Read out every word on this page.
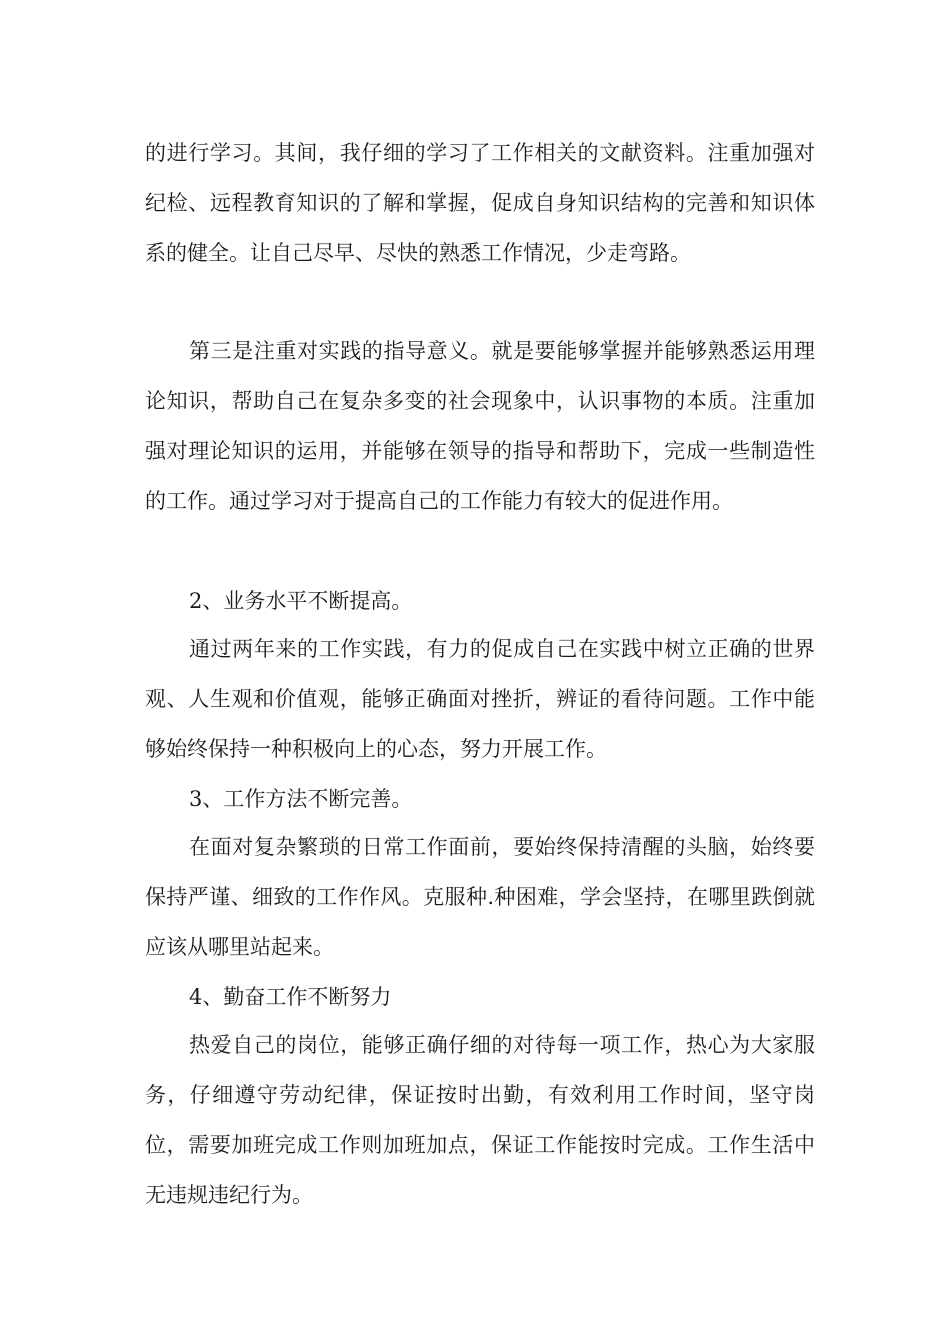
的进行学习。其间，我仔细的学习了工作相关的文献资料。注重加强对纪检、远程教育知识的了解和掌握，促成自身知识结构的完善和知识体系的健全。让自己尽早、尽快的熟悉工作情况，少走弯路。

第三是注重对实践的指导意义。就是要能够掌握并能够熟悉运用理论知识，帮助自己在复杂多变的社会现象中，认识事物的本质。注重加强对理论知识的运用，并能够在领导的指导和帮助下，完成一些制造性的工作。通过学习对于提高自己的工作能力有较大的促进作用。

2、业务水平不断提高。

通过两年来的工作实践，有力的促成自己在实践中树立正确的世界观、人生观和价值观，能够正确面对挫折，辨证的看待问题。工作中能够始终保持一种积极向上的心态，努力开展工作。

3、工作方法不断完善。

在面对复杂繁琐的日常工作面前，要始终保持清醒的头脑，始终要保持严谨、细致的工作作风。克服种.种困难，学会坚持，在哪里跌倒就应该从哪里站起来。

4、勤奋工作不断努力

热爱自己的岗位，能够正确仔细的对待每一项工作，热心为大家服务，仔细遵守劳动纪律，保证按时出勤，有效利用工作时间，坚守岗位，需要加班完成工作则加班加点，保证工作能按时完成。工作生活中无违规违纪行为。
